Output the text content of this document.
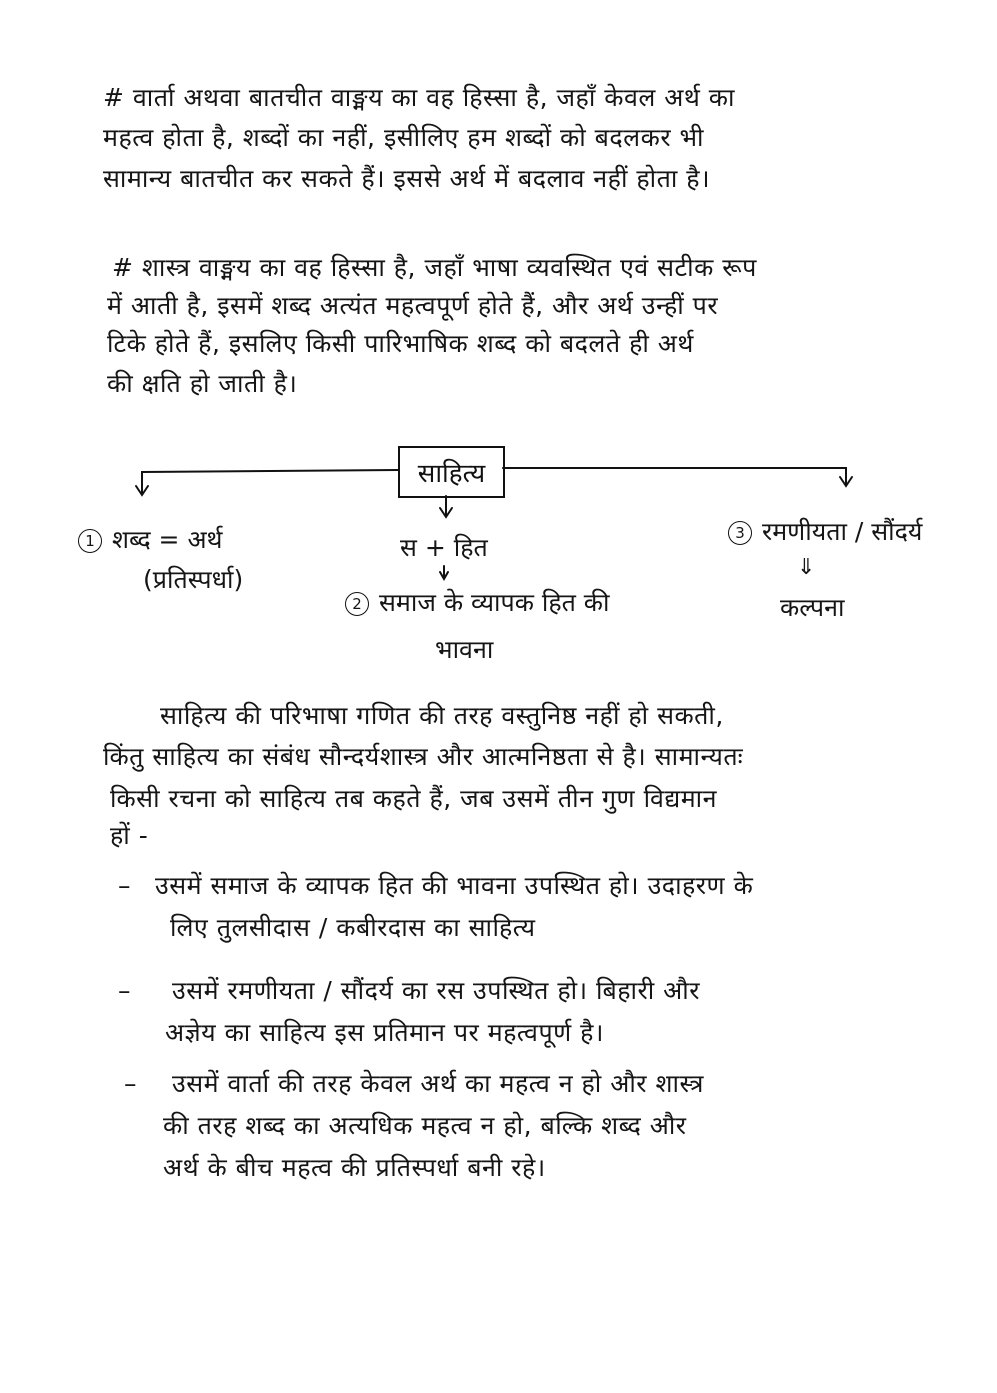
# वार्ता अथवा बातचीत वाङ्मय का वह हिस्सा है, जहाँ केवल अर्थ का
महत्व होता है, शब्दों का नहीं, इसीलिए हम शब्दों को बदलकर भी
सामान्य बातचीत कर सकते हैं। इससे अर्थ में बदलाव नहीं होता है।
# शास्त्र वाङ्मय का वह हिस्सा है, जहाँ भाषा व्यवस्थित एवं सटीक रूप
में आती है, इसमें शब्द अत्यंत महत्वपूर्ण होते हैं, और अर्थ उन्हीं पर
टिके होते हैं, इसलिए किसी पारिभाषिक शब्द को बदलते ही अर्थ
की क्षति हो जाती है।
साहित्य
1 शब्द = अर्थ
(प्रतिस्पर्धा)
स + हित
2 समाज के व्यापक हित की
भावना
3 रमणीयता / सौंदर्य
⇓
कल्पना
साहित्य की परिभाषा गणित की तरह वस्तुनिष्ठ नहीं हो सकती,
किंतु साहित्य का संबंध सौन्दर्यशास्त्र और आत्मनिष्ठता से है। सामान्यतः
किसी रचना को साहित्य तब कहते हैं, जब उसमें तीन गुण विद्यमान
हों -
– उसमें समाज के व्यापक हित की भावना उपस्थित हो। उदाहरण के
लिए तुलसीदास / कबीरदास का साहित्य
– उसमें रमणीयता / सौंदर्य का रस उपस्थित हो। बिहारी और
अज्ञेय का साहित्य इस प्रतिमान पर महत्वपूर्ण है।
– उसमें वार्ता की तरह केवल अर्थ का महत्व न हो और शास्त्र
की तरह शब्द का अत्यधिक महत्व न हो, बल्कि शब्द और
अर्थ के बीच महत्व की प्रतिस्पर्धा बनी रहे।
